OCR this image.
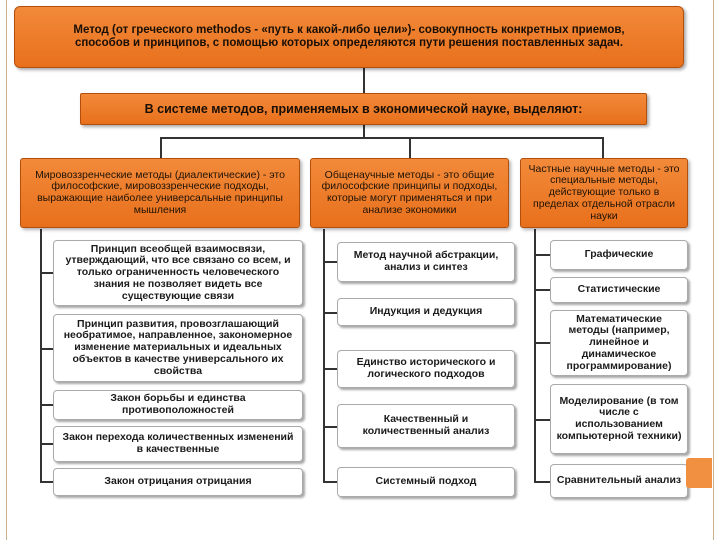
Метод (от греческого methodos - «путь к какой-либо цели»)- совокупность конкретных приемов, способов и принципов, с помощью которых определяются пути решения поставленных задач.
В системе методов, применяемых в экономической науке, выделяют:
Мировоззренческие методы (диалектические) - это философские, мировоззренческие подходы, выражающие наиболее универсальные принципы мышления
Общенаучные методы - это общие философские принципы и подходы, которые могут применяться и при анализе экономики
Частные научные методы - это специальные методы, действующие только в пределах отдельной отрасли науки
Принцип всеобщей взаимосвязи, утверждающий, что все связано со всем, и только ограниченность человеческого знания не позволяет видеть все существующие связи
Принцип развития, провозглашающий необратимое, направленное, закономерное изменение материальных и идеальных объектов в качестве универсального их свойства
Закон борьбы и единства противоположностей
Закон перехода количественных изменений в качественные
Закон отрицания отрицания
Метод научной абстракции, анализ и синтез
Индукция и дедукция
Единство исторического и логического подходов
Качественный и количественный анализ
Системный подход
Графические
Статистические
Математические методы (например, линейное и динамическое программирование)
Моделирование (в том числе с использованием компьютерной техники)
Сравнительный анализ
